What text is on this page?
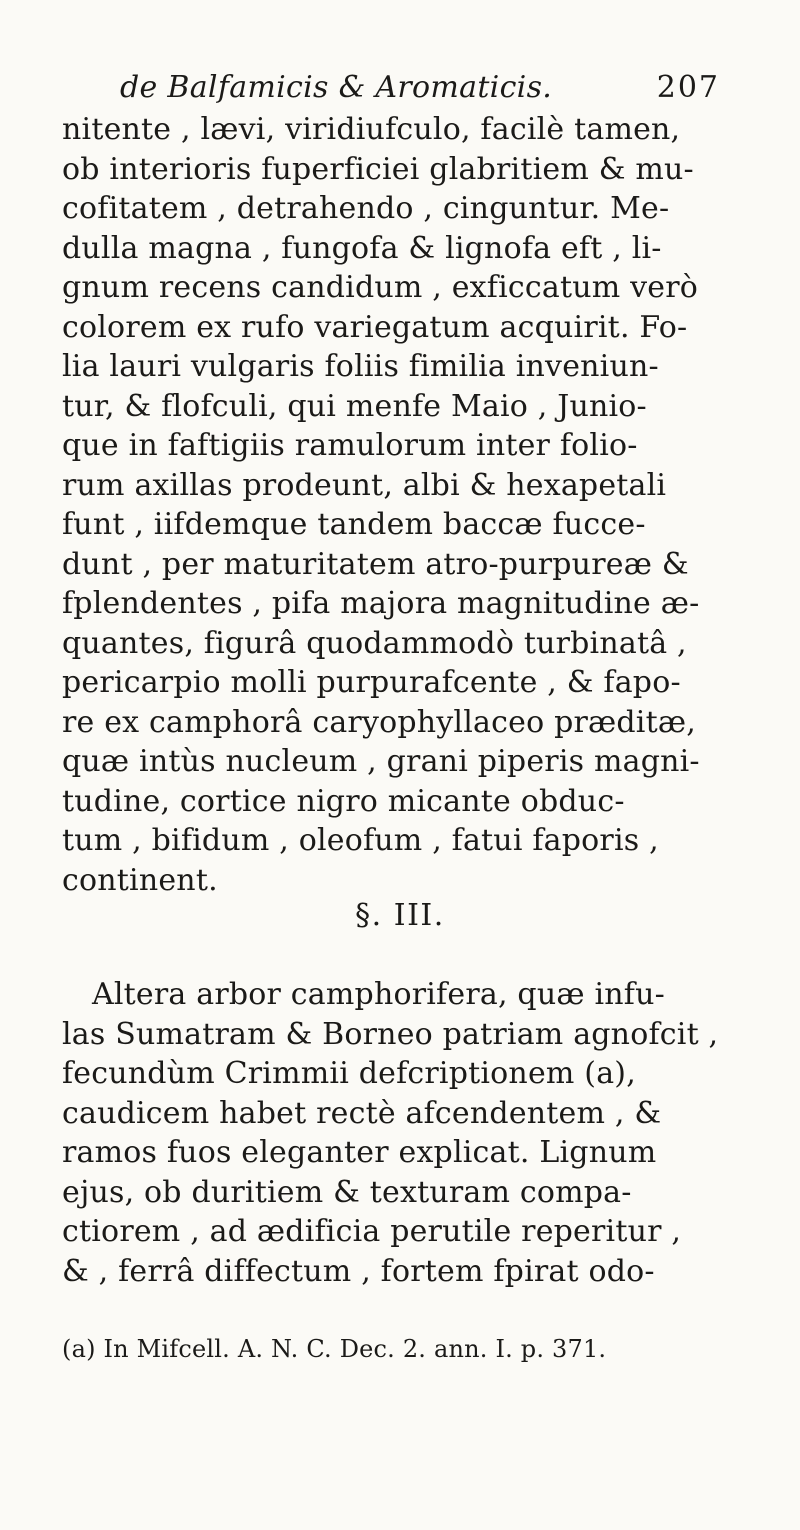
de Balfamicis & Aromaticis.	207
nitente , lævi, viridiufculo, facilè tamen,
ob interioris fuperficiei glabritiem & mu-
cofitatem , detrahendo , cinguntur. Me-
dulla magna , fungofa & lignofa eft , li-
gnum recens candidum , exficcatum verò
colorem ex rufo variegatum acquirit. Fo-
lia lauri vulgaris foliis fimilia inveniun-
tur, & flofculi, qui menfe Maio , Junio-
que in faftigiis ramulorum inter folio-
rum axillas prodeunt, albi & hexapetali
funt , iifdemque tandem baccæ fucce-
dunt , per maturitatem atro-purpureæ &
fplendentes , pifa majora magnitudine æ-
quantes, figurâ quodammodò turbinatâ ,
pericarpio molli purpurafcente , & fapo-
re ex camphorâ caryophyllaceo præditæ,
quæ intùs nucleum , grani piperis magni-
tudine, cortice nigro micante obduc-
tum , bifidum , oleofum , fatui faporis ,
continent.
§. III.
Altera arbor camphorifera, quæ infu-
las Sumatram & Borneo patriam agnofcit ,
fecundùm Crimmii defcriptionem (a),
caudicem habet rectè afcendentem , &
ramos fuos eleganter explicat. Lignum
ejus, ob duritiem & texturam compa-
ctiorem , ad ædificia perutile reperitur ,
& , ferrâ diffectum , fortem fpirat odo-
(a) In Mifcell. A. N. C. Dec. 2. ann. I. p. 371.
